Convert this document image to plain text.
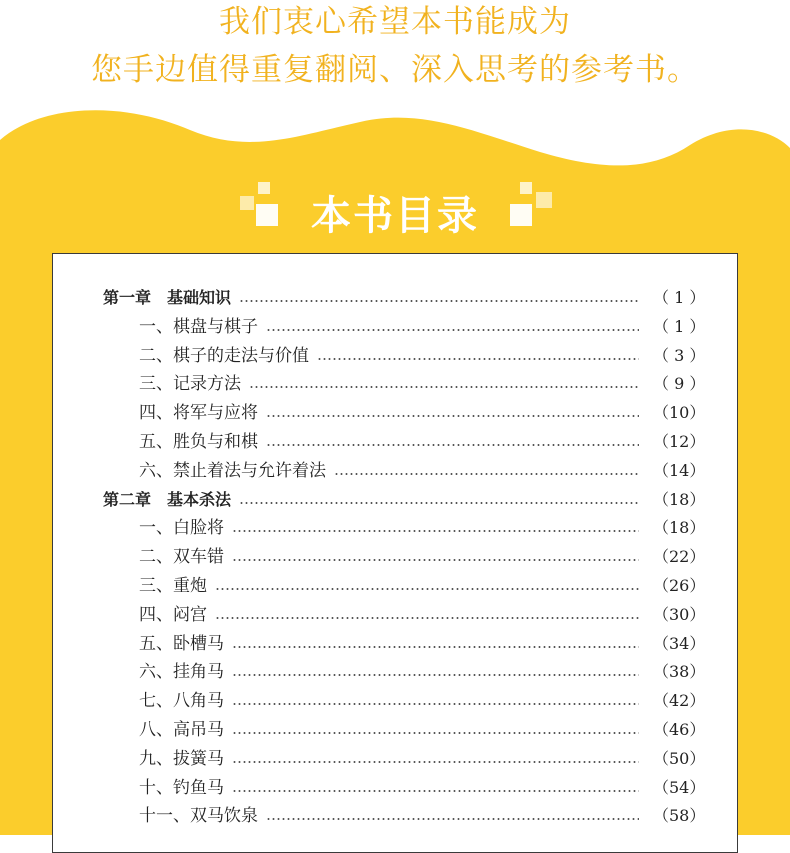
我们衷心希望本书能成为
您手边值得重复翻阅、深入思考的参考书。
本书目录
第一章　基础知识	（ 1 ）
一、棋盘与棋子	（ 1 ）
二、棋子的走法与价值	（ 3 ）
三、记录方法	（ 9 ）
四、将军与应将	（10）
五、胜负与和棋	（12）
六、禁止着法与允许着法	（14）
第二章　基本杀法	（18）
一、白脸将	（18）
二、双车错	（22）
三、重炮	（26）
四、闷宫	（30）
五、卧槽马	（34）
六、挂角马	（38）
七、八角马	（42）
八、高吊马	（46）
九、拔簧马	（50）
十、钓鱼马	（54）
十一、双马饮泉	（58）
